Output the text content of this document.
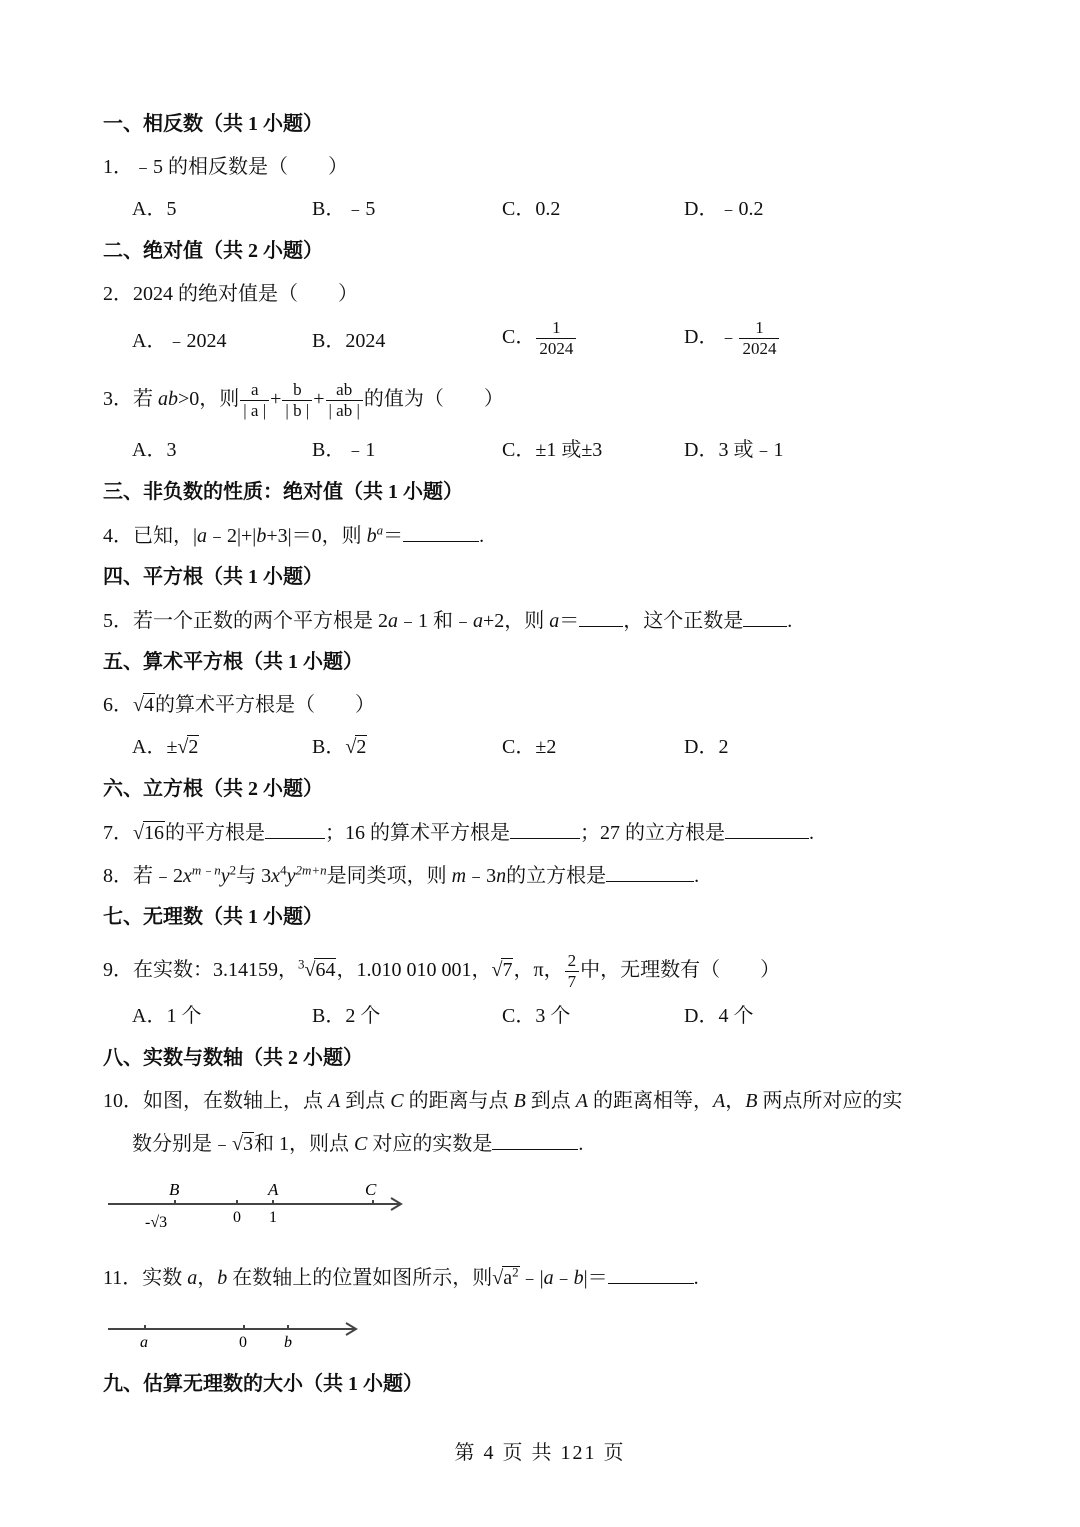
一、相反数（共 1 小题）
1．﹣5 的相反数是（　　）
A．5	B．﹣5	C．0.2	D．﹣0.2
二、绝对值（共 2 小题）
2．2024 的绝对值是（　　）
A．﹣2024	B．2024	C． $\frac{1}{2024}$	D．﹣ $\frac{1}{2024}$
3．若 ab>0，则 $\frac{a}{| a |} + \frac{b}{| b |} + \frac{ab}{| ab |}$ 的值为（　　）
A．3	B．﹣1	C．±1 或±3	D．3 或﹣1
三、非负数的性质：绝对值（共 1 小题）
4．已知，|a﹣2|+|b+3|＝0，则 $b^a=$	.
四、平方根（共 1 小题）
5．若一个正数的两个平方根是 2a﹣1 和﹣a+2，则 a＝ ，这个正数是 .
五、算术平方根（共 1 小题）
6．√4的算术平方根是（　　）
A．±√2	B．√2	C．±2	D．2
六、立方根（共 2 小题）
7．√16的平方根是	；16 的算术平方根是	；27 的立方根是	.
8．若$﹣2x^{m﹣n}y^2$与 $3x^4y^{2m+n}$是同类项，则 m﹣3n的立方根是	.
七、无理数（共 1 小题）
9．在实数：3.14159，$^3$√64，1.010 010 001，√7，π， $\frac{2}{7}$ 中，无理数有（　　）
A．1 个	B．2 个	C．3 个	D．4 个
八、实数与数轴（共 2 小题）
10．如图，在数轴上，点 A 到点 C 的距离与点 B 到点 A 的距离相等，A，B 两点所对应的实
数分别是﹣√3和 1，则点 C 对应的实数是	.
B	A	C
-√3	0 1
11．实数 a，b 在数轴上的位置如图所示，则$√a^2﹣|a﹣b|=$	.
a	0 b
九、估算无理数的大小（共 1 小题）
第 4 页 共 121 页
